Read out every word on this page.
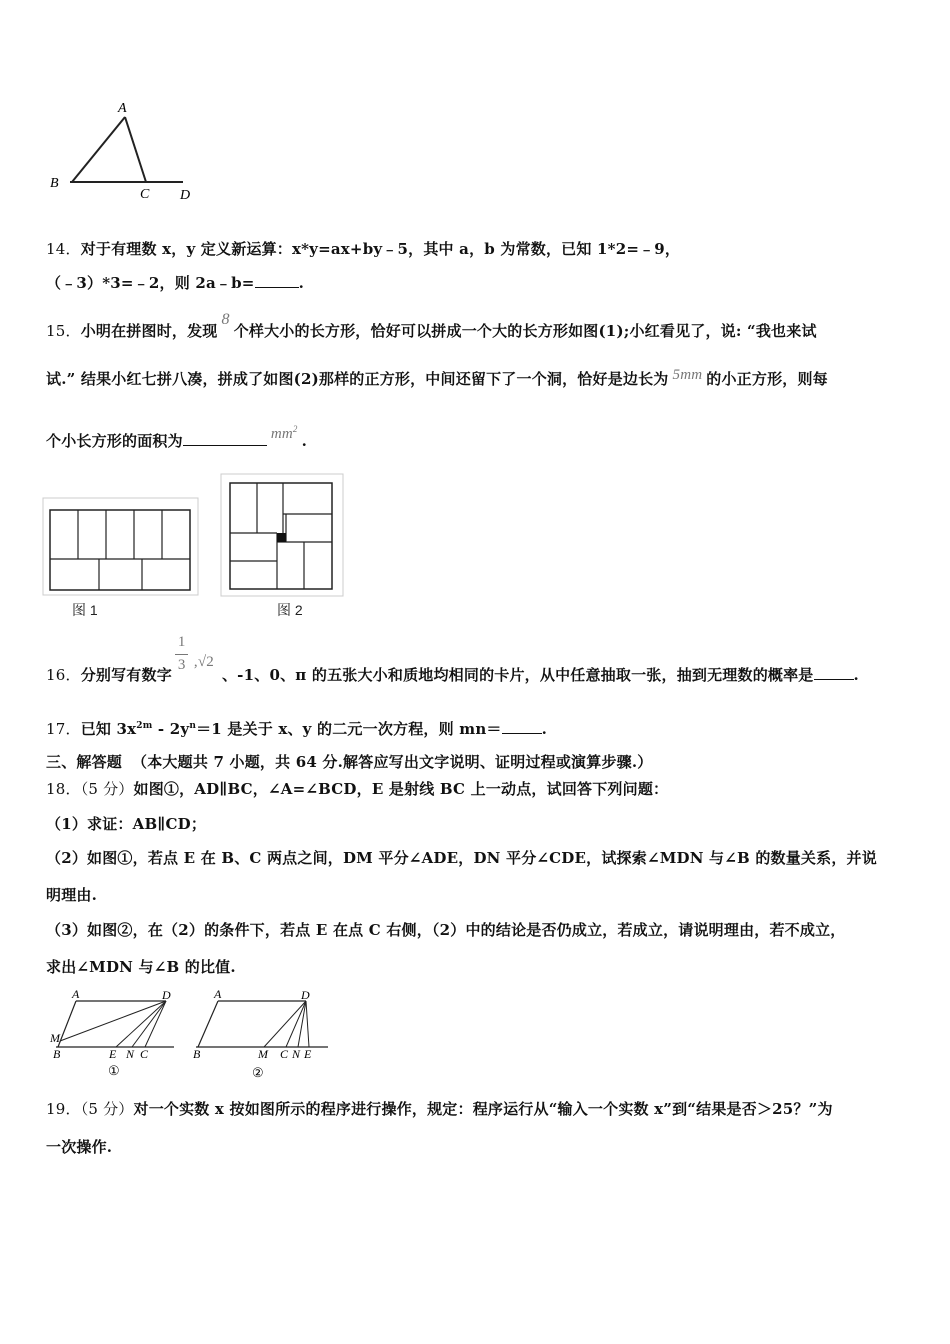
A
B
C D
14．对于有理数 x，y 定义新运算：x*y=ax+by﹣5，其中 a，b 为常数，已知 1*2=﹣9，
（﹣3）*3=﹣2，则 2a﹣b=	.
15．小明在拼图时，发现8个样大小的长方形，恰好可以拼成一个大的长方形如图(1);小红看见了，说: “我也来试
试.” 结果小红七拼八凑，拼成了如图(2)那样的正方形，中间还留下了一个洞，恰好是边长为 5mm 的小正方形，则每
个小长方形的面积为	$mm^2$.
图 1	图 2
16．分别写有数字 $\frac{1}{3} ,√2$、-1、0、π 的五张大小和质地均相同的卡片，从中任意抽取一张，抽到无理数的概率是	.
17．已知 $3x^{2m} - 2y^n=1$ 是关于 x、y 的二元一次方程，则 mn＝	.
三、解答题 （本大题共 7 小题，共 64 分.解答应写出文字说明、证明过程或演算步骤.）
18．（5 分）如图①，AD∥BC，∠A=∠BCD，E 是射线 BC 上一动点，试回答下列问题：
（1）求证：AB∥CD；
（2）如图①，若点 E 在 B、C 两点之间，DM 平分∠ADE，DN 平分∠CDE，试探索∠MDN 与∠B 的数量关系，并说
明理由.
（3）如图②，在（2）的条件下，若点 E 在点 C 右侧，（2）中的结论是否仍成立，若成立，请说明理由，若不成立，
求出∠MDN 与∠B 的比值.
A	D
M
B	E N C
①
A	D
B	M C N E
②
19．（5 分）对一个实数 x 按如图所示的程序进行操作，规定：程序运行从“输入一个实数 x”到“结果是否＞25？”为
一次操作.
